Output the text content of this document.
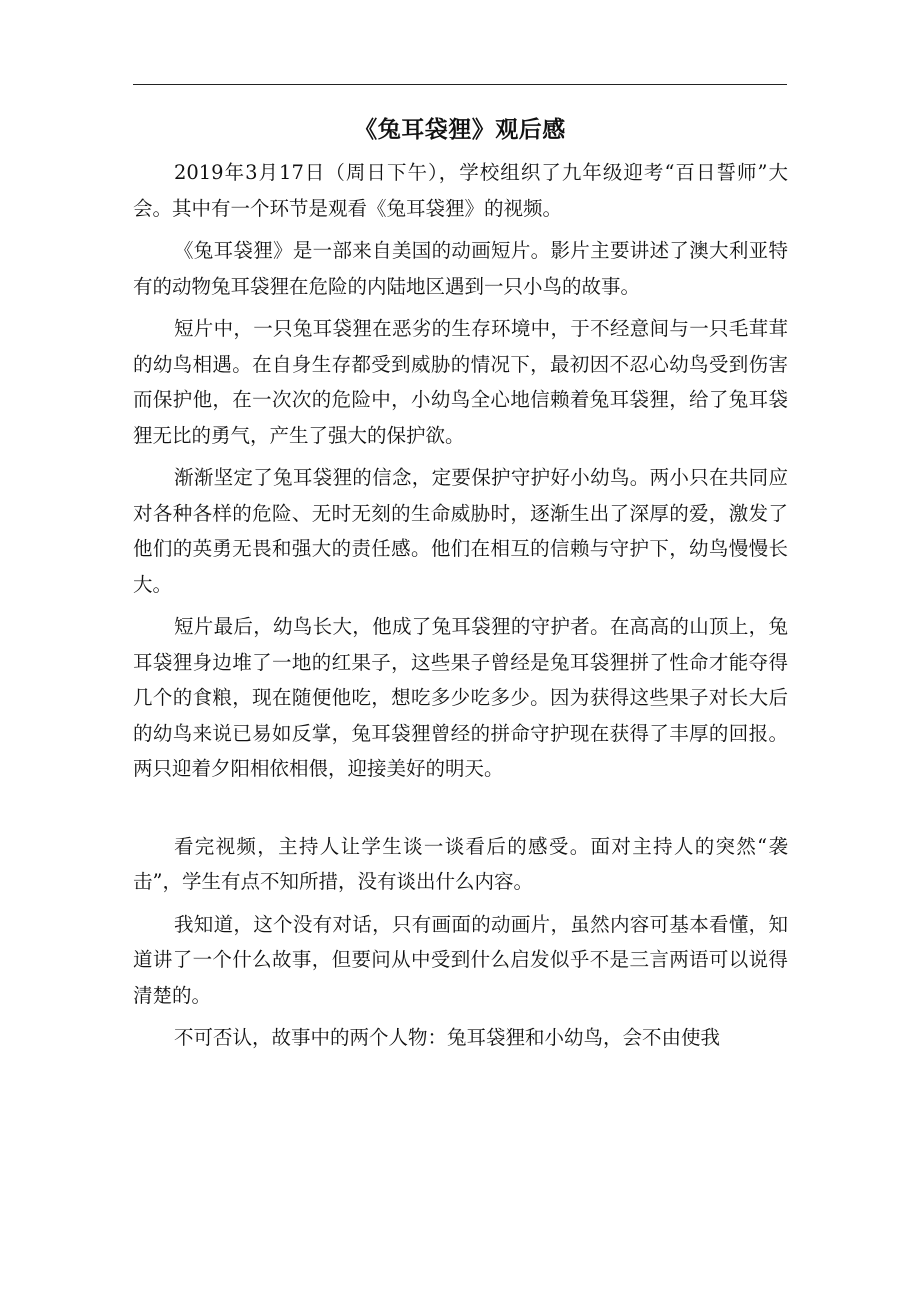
《兔耳袋狸》观后感

2019年3月17日（周日下午），学校组织了九年级迎考“百日誓师”大会。其中有一个环节是观看《兔耳袋狸》的视频。

《兔耳袋狸》是一部来自美国的动画短片。影片主要讲述了澳大利亚特有的动物兔耳袋狸在危险的内陆地区遇到一只小鸟的故事。

短片中，一只兔耳袋狸在恶劣的生存环境中，于不经意间与一只毛茸茸的幼鸟相遇。在自身生存都受到威胁的情况下，最初因不忍心幼鸟受到伤害而保护他，在一次次的危险中，小幼鸟全心地信赖着兔耳袋狸，给了兔耳袋狸无比的勇气，产生了强大的保护欲。

渐渐坚定了兔耳袋狸的信念，定要保护守护好小幼鸟。两小只在共同应对各种各样的危险、无时无刻的生命威胁时，逐渐生出了深厚的爱，激发了他们的英勇无畏和强大的责任感。他们在相互的信赖与守护下，幼鸟慢慢长大。

短片最后，幼鸟长大，他成了兔耳袋狸的守护者。在高高的山顶上，兔耳袋狸身边堆了一地的红果子，这些果子曾经是兔耳袋狸拼了性命才能夺得几个的食粮，现在随便他吃，想吃多少吃多少。因为获得这些果子对长大后的幼鸟来说已易如反掌，兔耳袋狸曾经的拼命守护现在获得了丰厚的回报。两只迎着夕阳相依相偎，迎接美好的明天。

看完视频，主持人让学生谈一谈看后的感受。面对主持人的突然“袭击”，学生有点不知所措，没有谈出什么内容。

我知道，这个没有对话，只有画面的动画片，虽然内容可基本看懂，知道讲了一个什么故事，但要问从中受到什么启发似乎不是三言两语可以说得清楚的。

不可否认，故事中的两个人物：兔耳袋狸和小幼鸟，会不由使我
